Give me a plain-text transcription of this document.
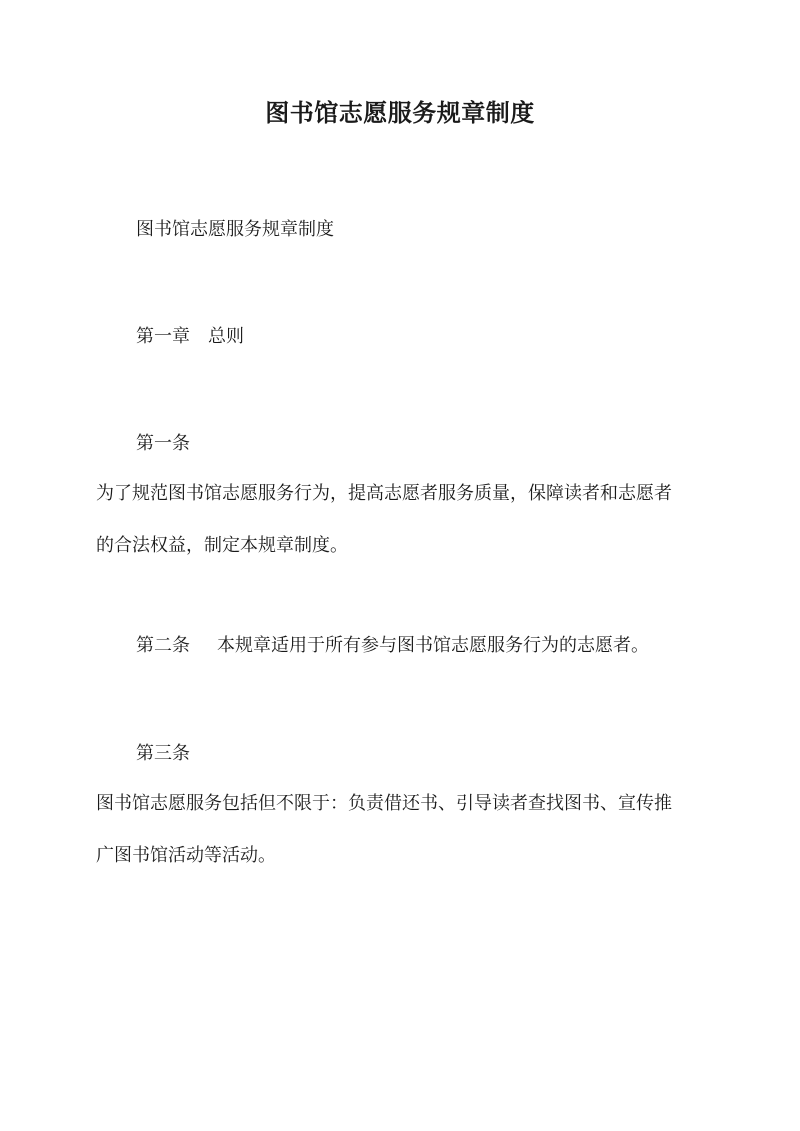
图书馆志愿服务规章制度
图书馆志愿服务规章制度
第一章 总则
第一条
为了规范图书馆志愿服务行为，提高志愿者服务质量，保障读者和志愿者
的合法权益，制定本规章制度。
第二条 本规章适用于所有参与图书馆志愿服务行为的志愿者。
第三条
图书馆志愿服务包括但不限于：负责借还书、引导读者查找图书、宣传推
广图书馆活动等活动。
